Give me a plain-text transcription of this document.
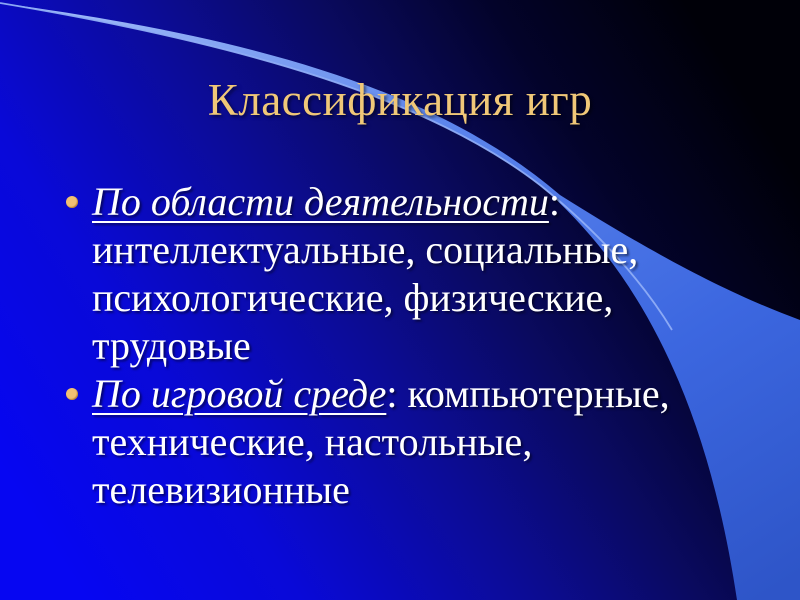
Классификация игр

По области деятельности: интеллектуальные, социальные, психологические, физические, трудовые

По игровой среде: компьютерные, технические, настольные, телевизионные
